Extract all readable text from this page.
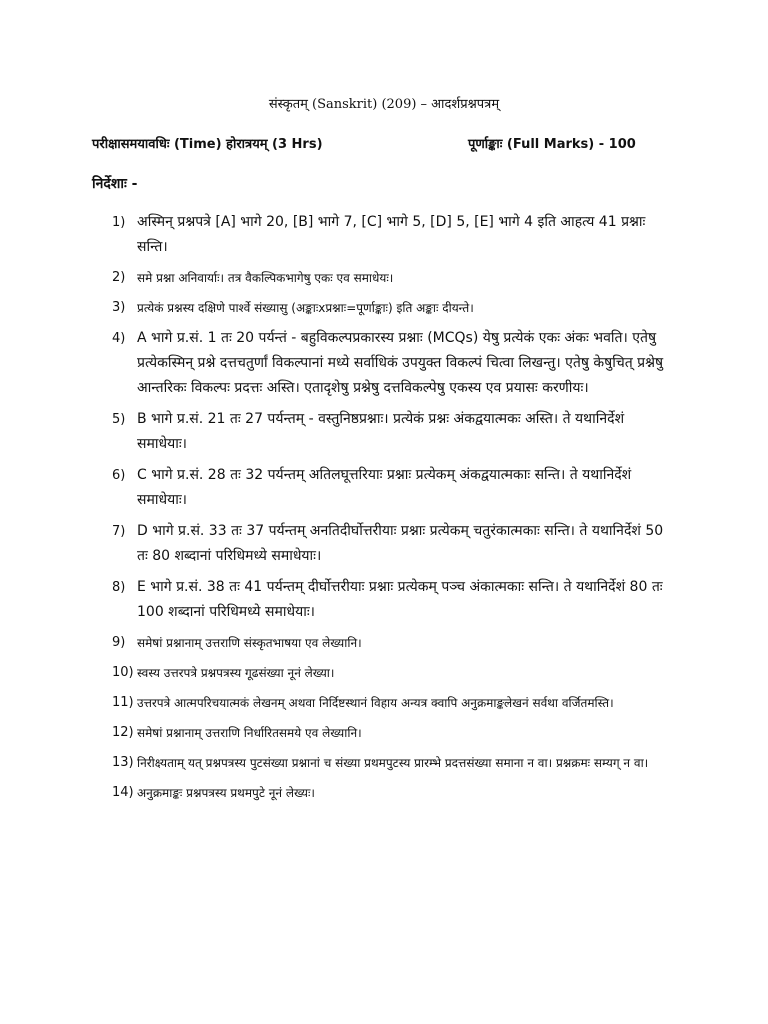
संस्कृतम् (Sanskrit) (209) – आदर्शप्रश्नपत्रम्
परीक्षासमयावधिः (Time) होरात्रयम् (3 Hrs)	पूर्णाङ्काः (Full Marks) - 100
निर्देशाः -
1) अस्मिन् प्रश्नपत्रे [A] भागे 20, [B] भागे 7, [C] भागे 5, [D] 5, [E] भागे 4 इति आहत्य 41 प्रश्नाः सन्ति।
2) समे प्रश्ना अनिवार्याः। तत्र वैकल्पिकभागेषु एकः एव समाधेयः।
3) प्रत्येकं प्रश्नस्य दक्षिणे पार्श्वे संख्यासु (अङ्काःxप्रश्नाः=पूर्णाङ्काः) इति अङ्काः दीयन्ते।
4) A भागे प्र.सं. 1 तः 20 पर्यन्तं - बहुविकल्पप्रकारस्य प्रश्नाः (MCQs) येषु प्रत्येकं एकः अंकः भवति। एतेषु प्रत्येकस्मिन् प्रश्ने दत्तचतुर्णां विकल्पानां मध्ये सर्वाधिकं उपयुक्त विकल्पं चित्वा लिखन्तु। एतेषु केषुचित् प्रश्नेषु आन्तरिकः विकल्पः प्रदत्तः अस्ति। एतादृशेषु प्रश्नेषु दत्तविकल्पेषु एकस्य एव प्रयासः करणीयः।
5) B भागे प्र.सं. 21 तः 27 पर्यन्तम् - वस्तुनिष्ठप्रश्नाः। प्रत्येकं प्रश्नः अंकद्वयात्मकः अस्ति। ते यथानिर्देशं समाधेयाः।
6) C भागे प्र.सं. 28 तः 32 पर्यन्तम् अतिलघूत्तरियाः प्रश्नाः प्रत्येकम् अंकद्वयात्मकाः सन्ति। ते यथानिर्देशं समाधेयाः।
7) D भागे प्र.सं. 33 तः 37 पर्यन्तम् अनतिदीर्घोत्तरीयाः प्रश्नाः प्रत्येकम् चतुरंकात्मकाः सन्ति। ते यथानिर्देशं 50 तः 80 शब्दानां परिधिमध्ये समाधेयाः।
8) E भागे प्र.सं. 38 तः 41 पर्यन्तम् दीर्घोत्तरीयाः प्रश्नाः प्रत्येकम् पञ्च अंकात्मकाः सन्ति। ते यथानिर्देशं 80 तः 100 शब्दानां परिधिमध्ये समाधेयाः।
9) समेषां प्रश्नानाम् उत्तराणि संस्कृतभाषया एव लेख्यानि।
10) स्वस्य उत्तरपत्रे प्रश्नपत्रस्य गूढसंख्या नूनं लेख्या।
11) उत्तरपत्रे आत्मपरिचयात्मकं लेखनम् अथवा निर्दिष्टस्थानं विहाय अन्यत्र क्वापि अनुक्रमाङ्कलेखनं सर्वथा वर्जितमस्ति।
12) समेषां प्रश्नानाम् उत्तराणि निर्धारितसमये एव लेख्यानि।
13) निरीक्ष्यताम् यत् प्रश्नपत्रस्य पुटसंख्या प्रश्नानां च संख्या प्रथमपुटस्य प्रारम्भे प्रदत्तसंख्या समाना न वा। प्रश्नक्रमः सम्यग् न वा।
14) अनुक्रमाङ्कः प्रश्नपत्रस्य प्रथमपुटे नूनं लेख्यः।
